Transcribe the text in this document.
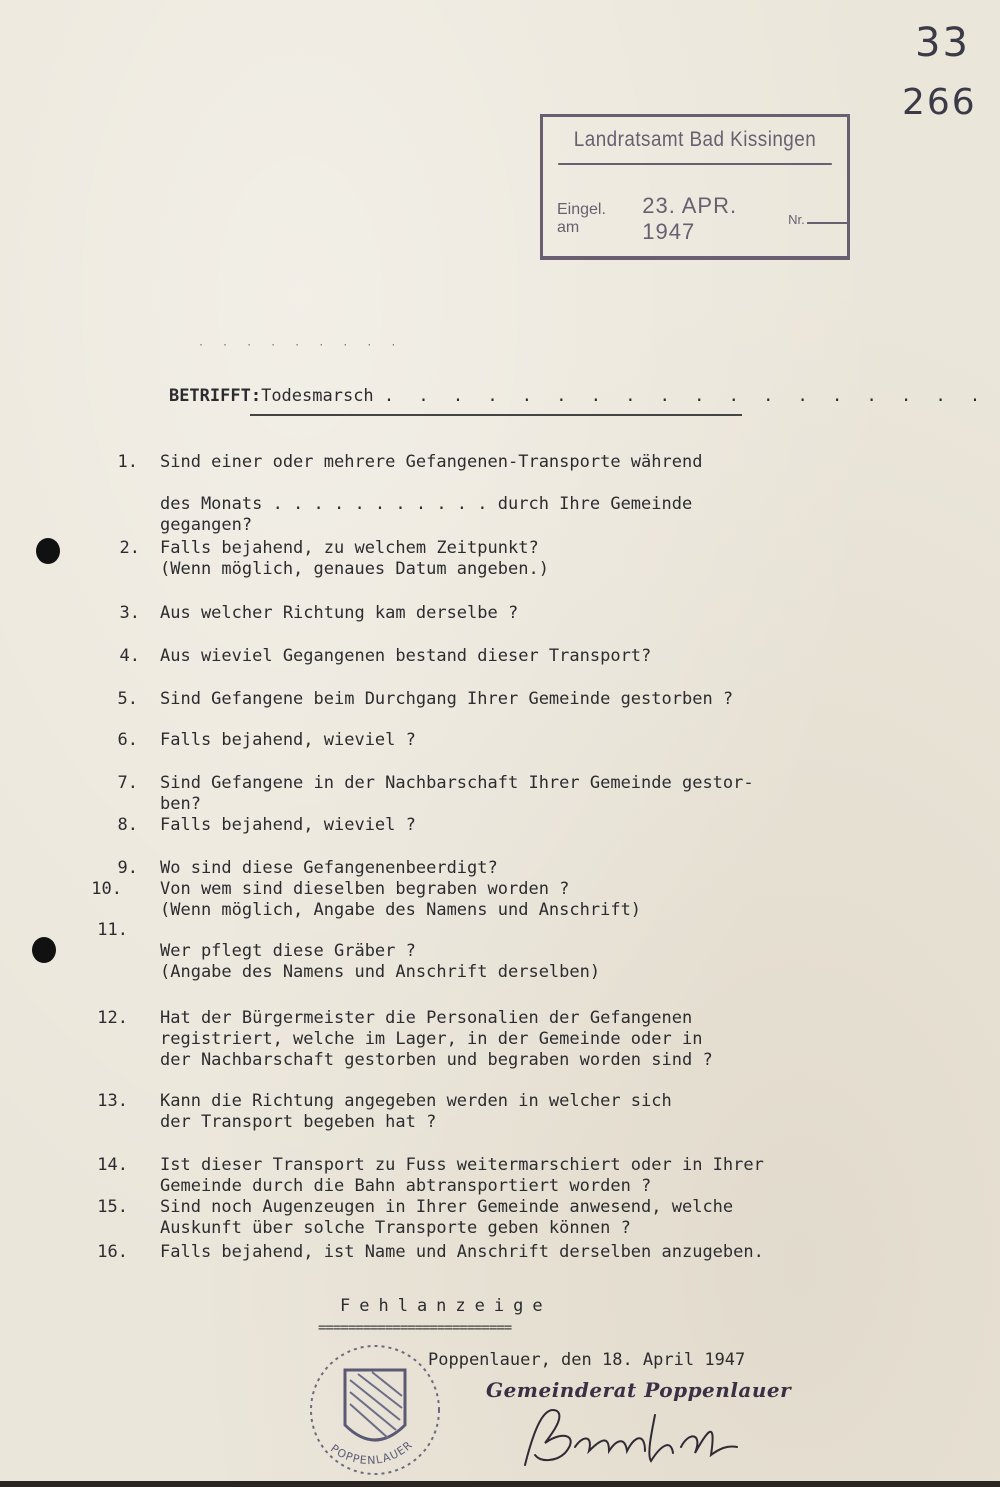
33
266
Landratsamt Bad Kissingen
Eingel. am
23. APR. 1947	Nr.
· · · · · · · · ·

BETRIFFT:Todesmarsch . . . . . . . . . . . . . . . . . .

1. Sind einer oder mehrere Gefangenen-Transporte während
des Monats . . . . . . . . . . . durch Ihre Gemeinde
gegangen?
2. Falls bejahend, zu welchem Zeitpunkt?
(Wenn möglich, genaues Datum angeben.)
3. Aus welcher Richtung kam derselbe ?
4. Aus wieviel Gegangenen bestand dieser Transport?
5. Sind Gefangene beim Durchgang Ihrer Gemeinde gestorben ?
6. Falls bejahend, wieviel ?
7. Sind Gefangene in der Nachbarschaft Ihrer Gemeinde gestor-
ben?
8. Falls bejahend, wieviel ?
9. Wo sind diese Gefangenenbeerdigt?
10. Von wem sind dieselben begraben worden ?
(Wenn möglich, Angabe des Namens und Anschrift)
11.
Wer pflegt diese Gräber ?
(Angabe des Namens und Anschrift derselben)
12. Hat der Bürgermeister die Personalien der Gefangenen
registriert, welche im Lager, in der Gemeinde oder in
der Nachbarschaft gestorben und begraben worden sind ?
13. Kann die Richtung angegeben werden in welcher sich
der Transport begeben hat ?
14. Ist dieser Transport zu Fuss weitermarschiert oder in Ihrer
Gemeinde durch die Bahn abtransportiert worden ?
15. Sind noch Augenzeugen in Ihrer Gemeinde anwesend, welche
Auskunft über solche Transporte geben können ?
16. Falls bejahend, ist Name und Anschrift derselben anzugeben.
Fehlanzeige
==========================
POPPENLAUER
Poppenlauer, den 18. April 1947
Gemeinderat Poppenlauer
